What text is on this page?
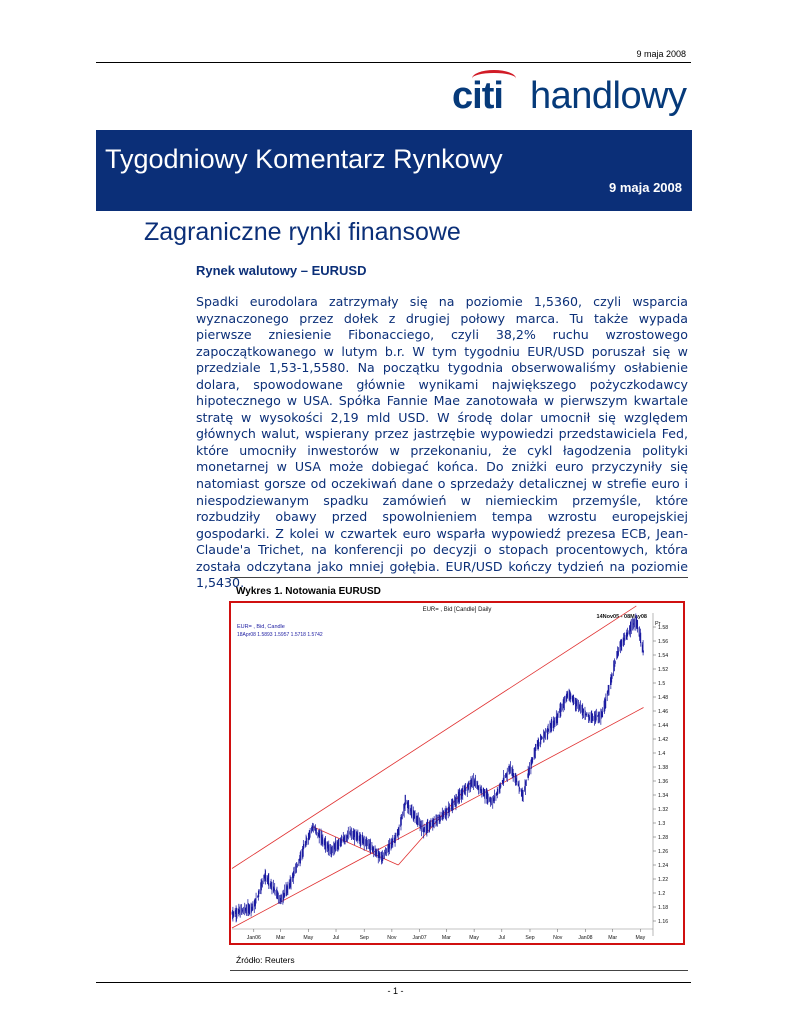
9 maja 2008
citi handlowy
Tygodniowy Komentarz Rynkowy
9 maja 2008
Zagraniczne rynki finansowe
Rynek walutowy – EURUSD

Spadki eurodolara zatrzymały się na poziomie 1,5360, czyli wsparcia wyznaczonego przez dołek z drugiej połowy marca. Tu także wypada pierwsze zniesienie Fibonacciego, czyli 38,2% ruchu wzrostowego zapoczątkowanego w lutym b.r. W tym tygodniu EUR/USD poruszał się w przedziale 1,53-1,5580. Na początku tygodnia obserwowaliśmy osłabienie dolara, spowodowane głównie wynikami największego pożyczkodawcy hipotecznego w USA. Spółka Fannie Mae zanotowała w pierwszym kwartale stratę w wysokości 2,19 mld USD. W środę dolar umocnił się względem głównych walut, wspierany przez jastrzębie wypowiedzi przedstawiciela Fed, które umocniły inwestorów w przekonaniu, że cykl łagodzenia polityki monetarnej w USA może dobiegać końca. Do zniżki euro przyczyniły się natomiast gorsze od oczekiwań dane o sprzedaży detalicznej w strefie euro i niespodziewanym spadku zamówień w niemieckim przemyśle, które rozbudziły obawy przed spowolnieniem tempa wzrostu europejskiej gospodarki. Z kolei w czwartek euro wsparła wypowiedź prezesa ECB, Jean-Claude'a Trichet, na konferencji po decyzji o stopach procentowych, która została odczytana jako mniej gołębia. EUR/USD kończy tydzień na poziomie 1,5430.

Wykres 1. Notowania EURUSD
EUR= , Bid [Candle] Daily
14Nov05 - 08May08
Pr
EUR= , Bid, Candle
18Apr08 1.5893 1.5957 1.5718 1.5742
1.16
1.18
1.2
1.22
1.24
1.26
1.28
1.3
1.32
1.34
1.36
1.38
1.4
1.42
1.44
1.46
1.48
1.5
1.52
1.54
1.56
1.58
Jan06	Mar	May	Jul	Sep	Nov	Jan07	Mar	May	Jul	Sep	Nov	Jan08	Mar	May
Źródło: Reuters
- 1 -
